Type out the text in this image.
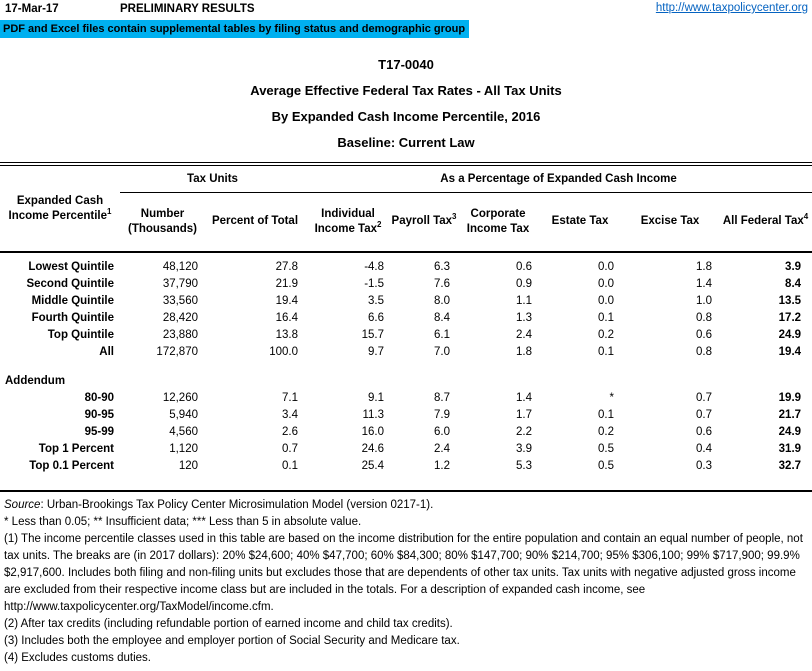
17-Mar-17	PRELIMINARY RESULTS	http://www.taxpolicycenter.org
PDF and Excel files contain supplemental tables by filing status and demographic group
T17-0040
Average Effective Federal Tax Rates - All Tax Units
By Expanded Cash Income Percentile, 2016
Baseline: Current Law
Expanded Cash Income Percentile$^1$	Tax Units		As a Percentage of Expanded Cash Income					
	Number (Thousands)	Percent of Total	Individual Income Tax$^2$	Payroll Tax$^3$	Corporate Income Tax	Estate Tax	Excise Tax	All Federal Tax$^4$
Lowest Quintile	48,120	27.8	-4.8	6.3	0.6	0.0	1.8	3.9
Second Quintile	37,790	21.9	-1.5	7.6	0.9	0.0	1.4	8.4
Middle Quintile	33,560	19.4	3.5	8.0	1.1	0.0	1.0	13.5
Fourth Quintile	28,420	16.4	6.6	8.4	1.3	0.1	0.8	17.2
Top Quintile	23,880	13.8	15.7	6.1	2.4	0.2	0.6	24.9
All	172,870	100.0	9.7	7.0	1.8	0.1	0.8	19.4

Addendum								
80-90	12,260	7.1	9.1	8.7	1.4	*	0.7	19.9
90-95	5,940	3.4	11.3	7.9	1.7	0.1	0.7	21.7
95-99	4,560	2.6	16.0	6.0	2.2	0.2	0.6	24.9
Top 1 Percent	1,120	0.7	24.6	2.4	3.9	0.5	0.4	31.9
Top 0.1 Percent	120	0.1	25.4	1.2	5.3	0.5	0.3	32.7

Source: Urban-Brookings Tax Policy Center Microsimulation Model (version 0217-1).
* Less than 0.05; ** Insufficient data; *** Less than 5 in absolute value.
(1) The income percentile classes used in this table are based on the income distribution for the entire population and contain an equal number of people, not tax units. The breaks are (in 2017 dollars): 20% $24,600; 40% $47,700; 60% $84,300; 80% $147,700; 90% $214,700; 95% $306,100; 99% $717,900; 99.9% $2,917,600. Includes both filing and non-filing units but excludes those that are dependents of other tax units. Tax units with negative adjusted gross income are excluded from their respective income class but are included in the totals. For a description of expanded cash income, see http://www.taxpolicycenter.org/TaxModel/income.cfm.
(2) After tax credits (including refundable portion of earned income and child tax credits).
(3) Includes both the employee and employer portion of Social Security and Medicare tax.
(4) Excludes customs duties.
